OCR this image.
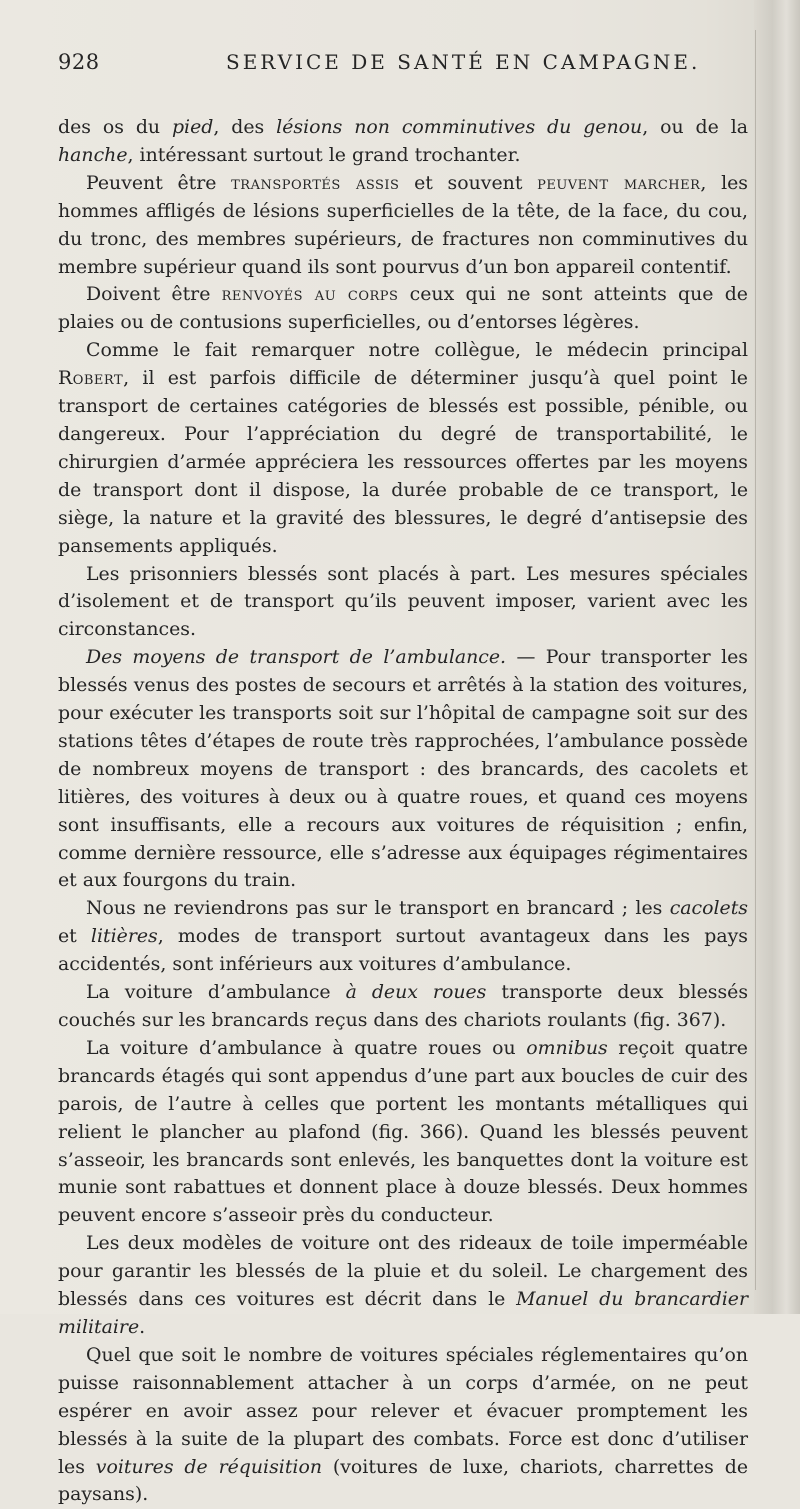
928	SERVICE DE SANTÉ EN CAMPAGNE.

des os du pied, des lésions non comminutives du genou, ou de la hanche, intéressant surtout le grand trochanter.

Peuvent être transportés assis et souvent peuvent marcher, les hommes affligés de lésions superficielles de la tête, de la face, du cou, du tronc, des membres supérieurs, de fractures non comminutives du membre supérieur quand ils sont pourvus d’un bon appareil contentif.

Doivent être renvoyés au corps ceux qui ne sont atteints que de plaies ou de contusions superficielles, ou d’entorses légères.

Comme le fait remarquer notre collègue, le médecin principal Robert, il est parfois difficile de déterminer jusqu’à quel point le transport de certaines catégories de blessés est possible, pénible, ou dangereux. Pour l’appréciation du degré de transportabilité, le chirurgien d’armée appréciera les ressources offertes par les moyens de transport dont il dispose, la durée probable de ce transport, le siège, la nature et la gravité des blessures, le degré d’antisepsie des pansements appliqués.

Les prisonniers blessés sont placés à part. Les mesures spéciales d’isolement et de transport qu’ils peuvent imposer, varient avec les circonstances.

Des moyens de transport de l’ambulance. — Pour transporter les blessés venus des postes de secours et arrêtés à la station des voitures, pour exécuter les transports soit sur l’hôpital de campagne soit sur des stations têtes d’étapes de route très rapprochées, l’ambulance possède de nombreux moyens de transport : des brancards, des cacolets et litières, des voitures à deux ou à quatre roues, et quand ces moyens sont insuffisants, elle a recours aux voitures de réquisition ; enfin, comme dernière ressource, elle s’adresse aux équipages régimentaires et aux fourgons du train.

Nous ne reviendrons pas sur le transport en brancard ; les cacolets et litières, modes de transport surtout avantageux dans les pays accidentés, sont inférieurs aux voitures d’ambulance.

La voiture d’ambulance à deux roues transporte deux blessés couchés sur les brancards reçus dans des chariots roulants (fig. 367).

La voiture d’ambulance à quatre roues ou omnibus reçoit quatre brancards étagés qui sont appendus d’une part aux boucles de cuir des parois, de l’autre à celles que portent les montants métalliques qui relient le plancher au plafond (fig. 366). Quand les blessés peuvent s’asseoir, les brancards sont enlevés, les banquettes dont la voiture est munie sont rabattues et donnent place à douze blessés. Deux hommes peuvent encore s’asseoir près du conducteur.

Les deux modèles de voiture ont des rideaux de toile imperméable pour garantir les blessés de la pluie et du soleil. Le chargement des blessés dans ces voitures est décrit dans le Manuel du brancardier militaire.

Quel que soit le nombre de voitures spéciales réglementaires qu’on puisse raisonnablement attacher à un corps d’armée, on ne peut espérer en avoir assez pour relever et évacuer promptement les blessés à la suite de la plupart des combats. Force est donc d’utiliser les voitures de réquisition (voitures de luxe, chariots, charrettes de paysans).
